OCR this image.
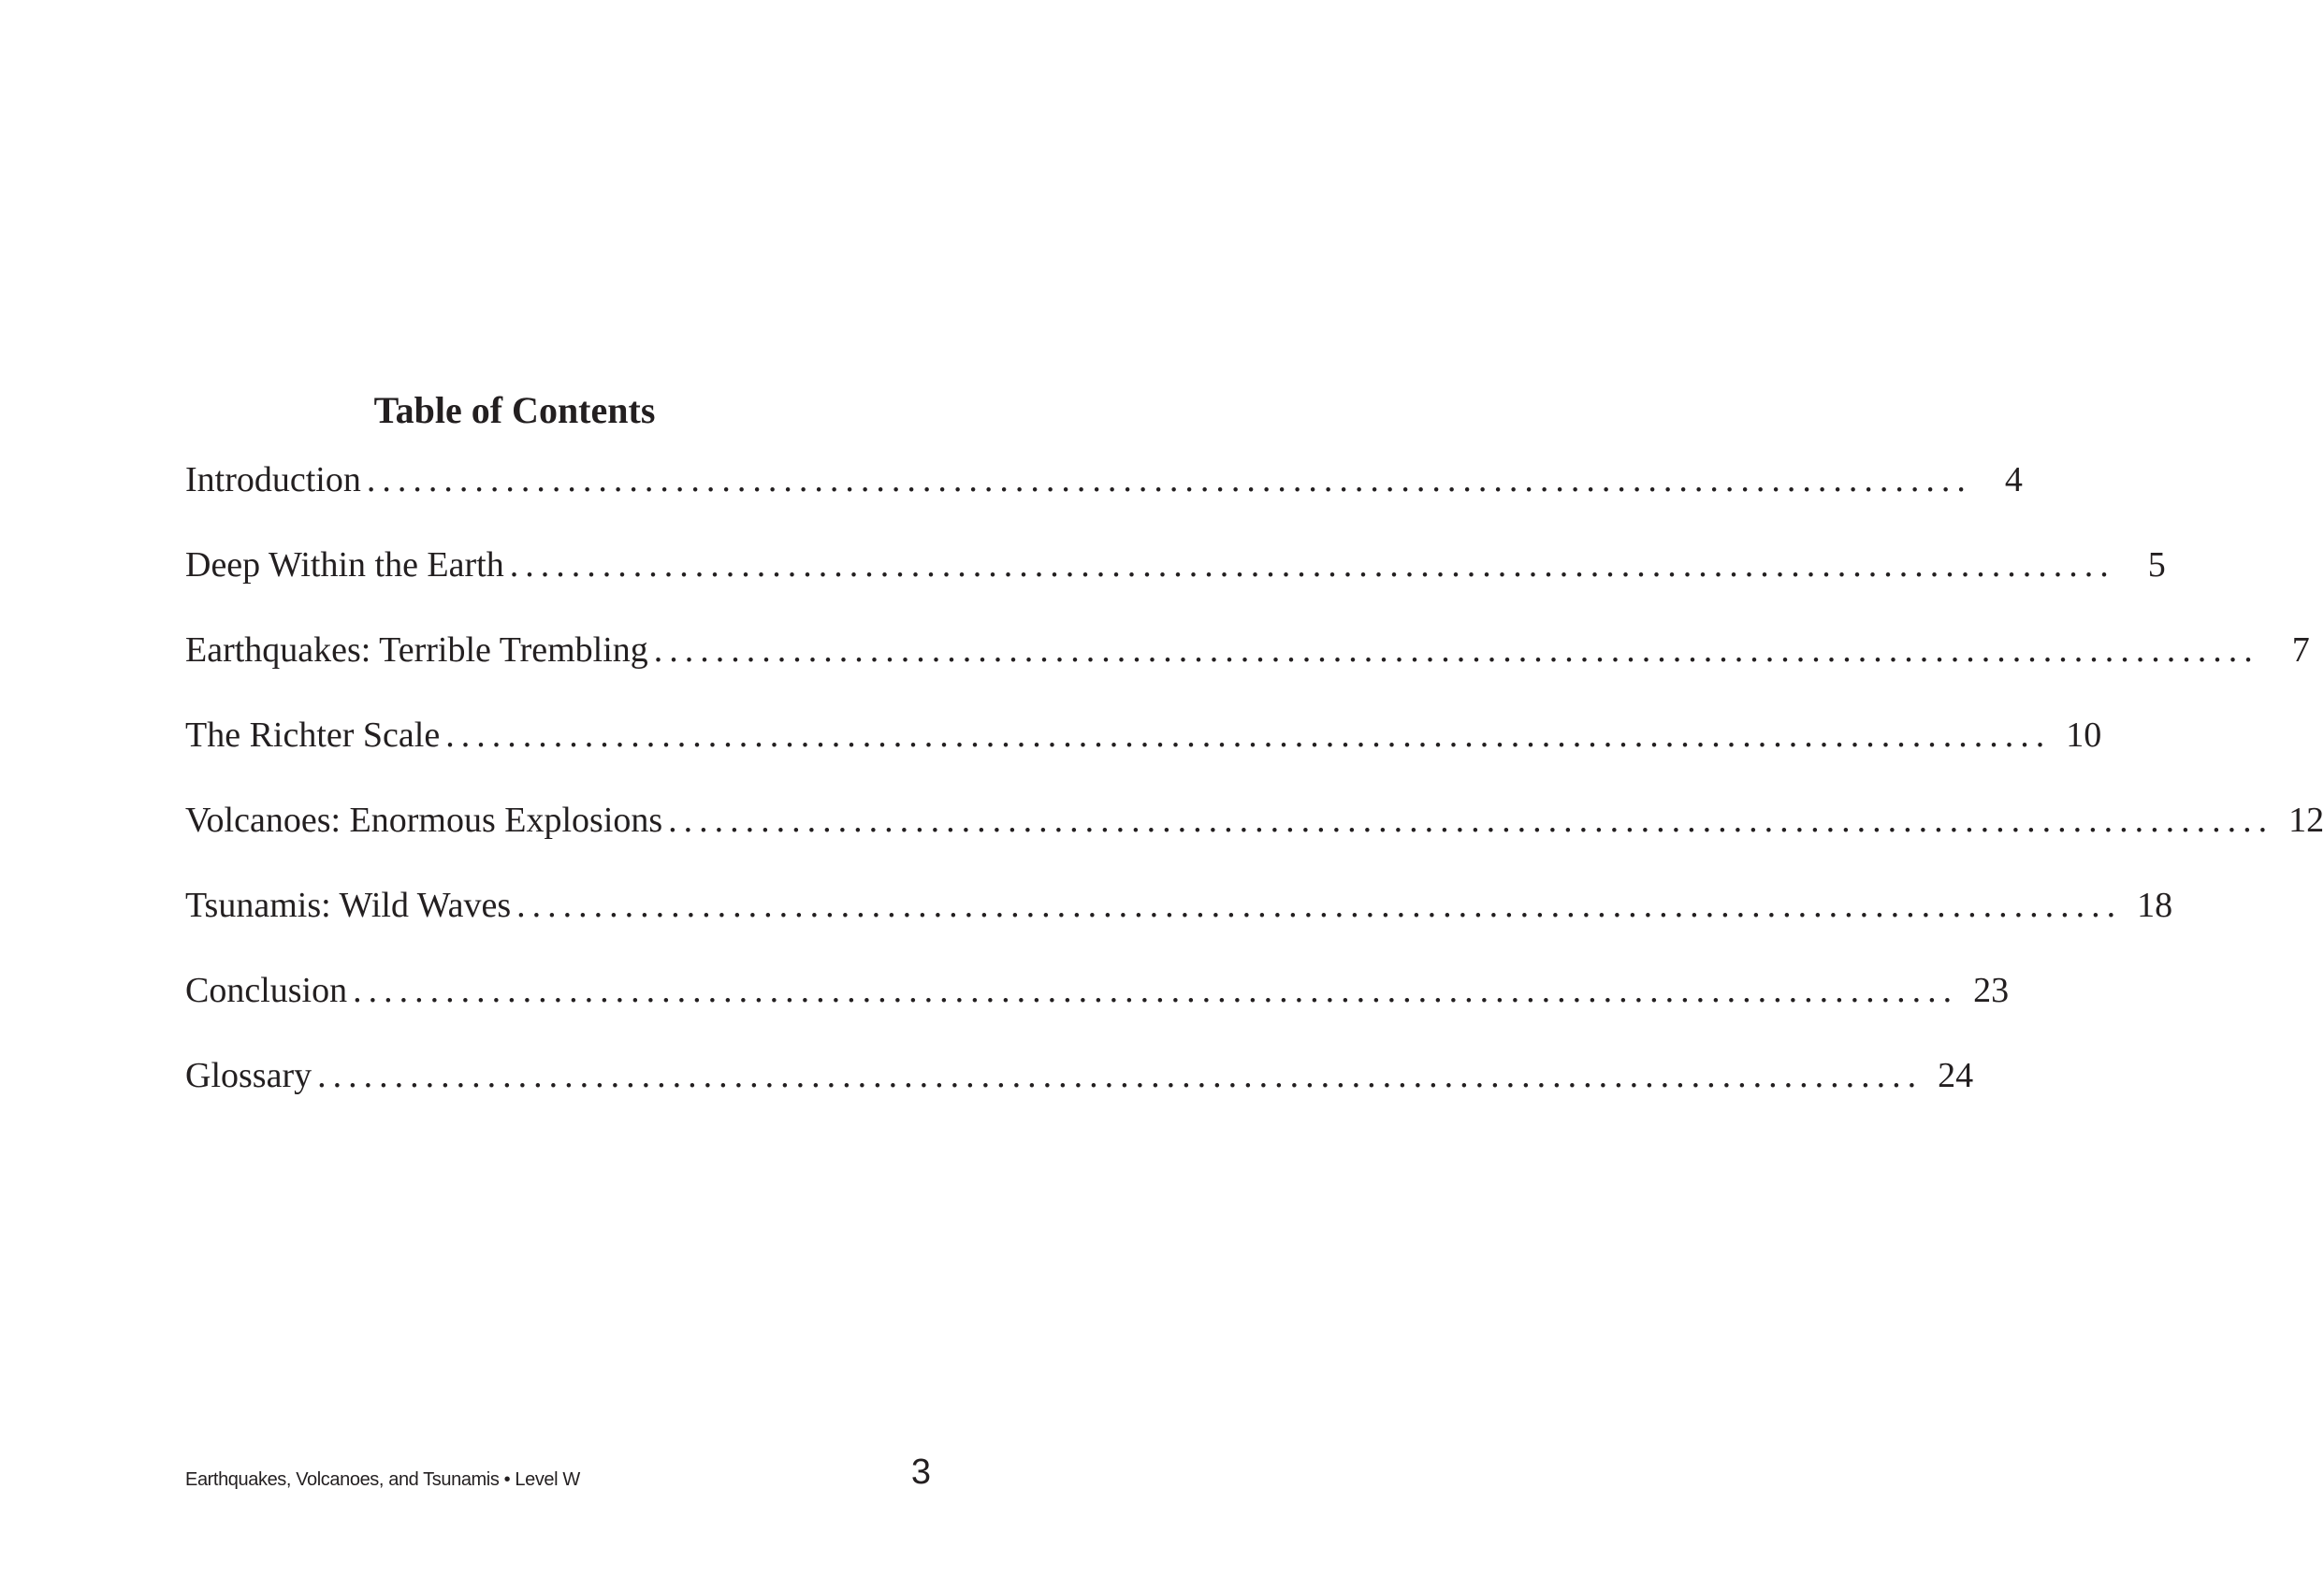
Table of Contents
Introduction ........................................................................................................ 4
Deep Within the Earth ........................................................................................................ 5
Earthquakes: Terrible Trembling ........................................................................................................ 7
The Richter Scale ........................................................................................................ 10
Volcanoes: Enormous Explosions ........................................................................................................ 12
Tsunamis: Wild Waves ........................................................................................................ 18
Conclusion ........................................................................................................ 23
Glossary ........................................................................................................ 24
Earthquakes, Volcanoes, and Tsunamis • Level W	3
